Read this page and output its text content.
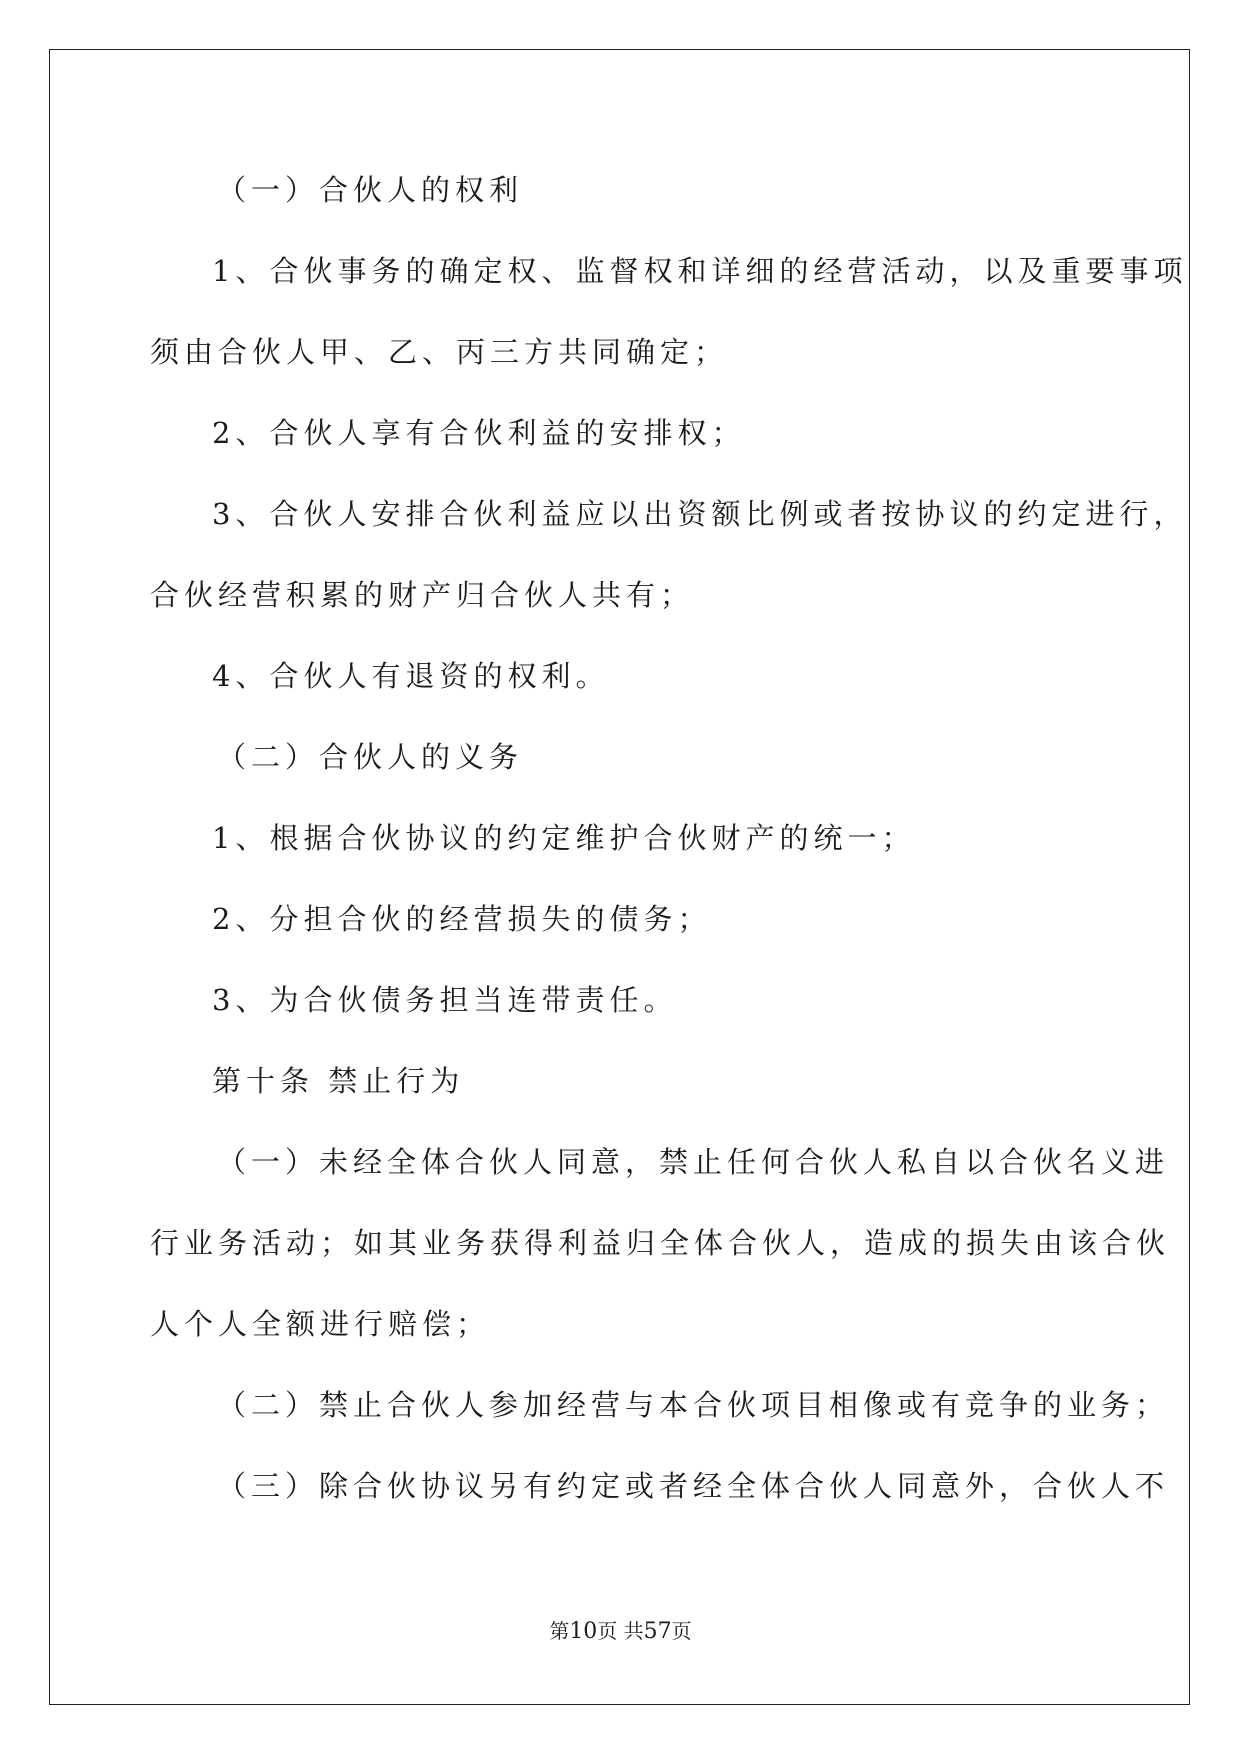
（一）合伙人的权利
1、合伙事务的确定权、监督权和详细的经营活动，以及重要事项
须由合伙人甲、乙、丙三方共同确定；
2、合伙人享有合伙利益的安排权；
3、合伙人安排合伙利益应以出资额比例或者按协议的约定进行，
合伙经营积累的财产归合伙人共有；
4、合伙人有退资的权利。
（二）合伙人的义务
1、根据合伙协议的约定维护合伙财产的统一；
2、分担合伙的经营损失的债务；
3、为合伙债务担当连带责任。
第十条 禁止行为
（一）未经全体合伙人同意，禁止任何合伙人私自以合伙名义进
行业务活动；如其业务获得利益归全体合伙人，造成的损失由该合伙
人个人全额进行赔偿；
（二）禁止合伙人参加经营与本合伙项目相像或有竞争的业务；
（三）除合伙协议另有约定或者经全体合伙人同意外，合伙人不
第10页 共57页
